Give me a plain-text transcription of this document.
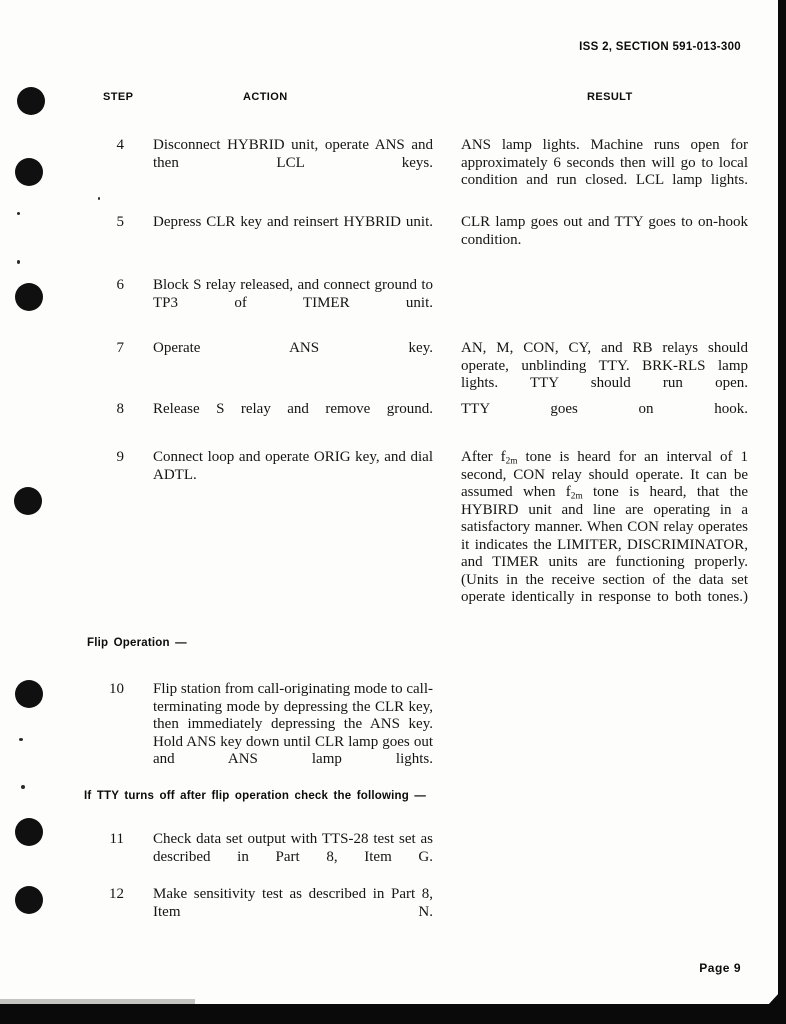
ISS 2, SECTION 591-013-300
STEP	ACTION	RESULT
4 Disconnect HYBRID unit, operate ANS and then LCL keys.
ANS lamp lights. Machine runs open for approximately 6 seconds then will go to local condition and run closed. LCL lamp lights.
5 Depress CLR key and reinsert HYBRID unit. CLR lamp goes out and TTY goes to on-hook condition.
6 Block S relay released, and connect ground to TP3 of TIMER unit.
7 Operate ANS key. AN, M, CON, CY, and RB relays should operate, unblinding TTY. BRK-RLS lamp lights. TTY should run open.
8 Release S relay and remove ground. TTY goes on hook.
9 Connect loop and operate ORIG key, and dial ADTL.
After $f_{2m}$ tone is heard for an interval of 1 second, CON relay should operate. It can be assumed when $f_{2m}$ tone is heard, that the HYBIRD unit and line are operating in a satisfactory manner. When CON relay operates it indicates the LIMITER, DISCRIMINATOR, and TIMER units are functioning properly. (Units in the receive section of the data set operate identically in response to both tones.)
Flip Operation —
10 Flip station from call-originating mode to call-terminating mode by depressing the CLR key, then immediately depressing the ANS key. Hold ANS key down until CLR lamp goes out and ANS lamp lights.
If TTY turns off after flip operation check the following —
11 Check data set output with TTS-28 test set as described in Part 8, Item G.
12 Make sensitivity test as described in Part 8, Item N.
Page 9
